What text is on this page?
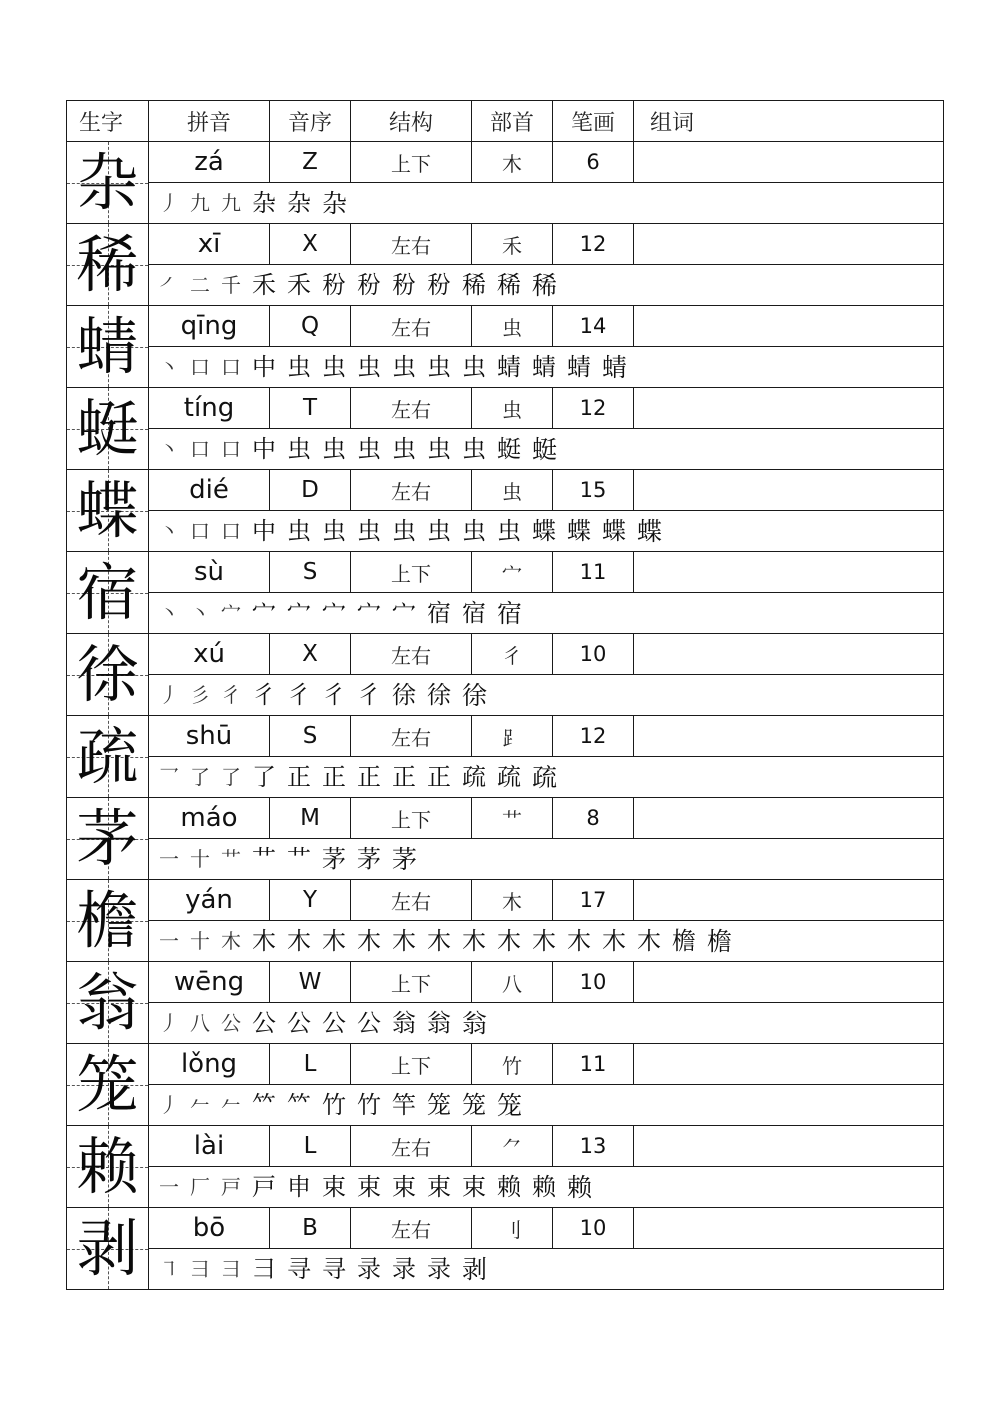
生字	拼音	音序	结构	部首	笔画	组词

杂	zá	Z	上下	木	6	
	丿 九 九 杂 杂 杂					

稀	xī	X	左右	禾	12	
	㇒ 二 千 禾 禾 秎 秎 秎 秎 稀 稀 稀					

蜻	qīng	Q	左右	虫	14	
	丶 口 口 中 虫 虫 虫 虫 虫 虫 蜻 蜻 蜻 蜻					

蜓	tíng	T	左右	虫	12	
	丶 口 口 中 虫 虫 虫 虫 虫 虫 蜓 蜓					

蝶	dié	D	左右	虫	15	
	丶 口 口 中 虫 虫 虫 虫 虫 虫 虫 蝶 蝶 蝶 蝶					

宿	sù	S	上下	宀	11	
	丶 丶 宀 宀 宀 宀 宀 宀 宿 宿 宿					

徐	xú	X	左右	彳	10	
	丿 彡 彳 彳 彳 彳 彳 徐 徐 徐					

疏	shū	S	左右	⻊	12	
	乛 了 了 了 正 正 正 正 正 疏 疏 疏					

茅	máo	M	上下	艹	8	
	一 十 艹 艹 艹 茅 茅 茅					

檐	yán	Y	左右	木	17	
	一 十 木 木 木 木 木 木 木 木 木 木 木 木 木 檐 檐					

翁	wēng	W	上下	八	10	
	丿 八 公 公 公 公 公 翁 翁 翁					

笼	lǒng	L	上下	竹	11	
	丿 𠂉 𠂉 𥫗 𥫗 竹 竹 竿 笼 笼 笼					

赖	lài	L	左右	⺈	13	
	一 厂 戸 戸 申 束 束 束 束 束 赖 赖 赖					

剥	bō	B	左右	刂	10	
	㇕ 彐 彐 彐 寻 寻 录 录 录 剥					
